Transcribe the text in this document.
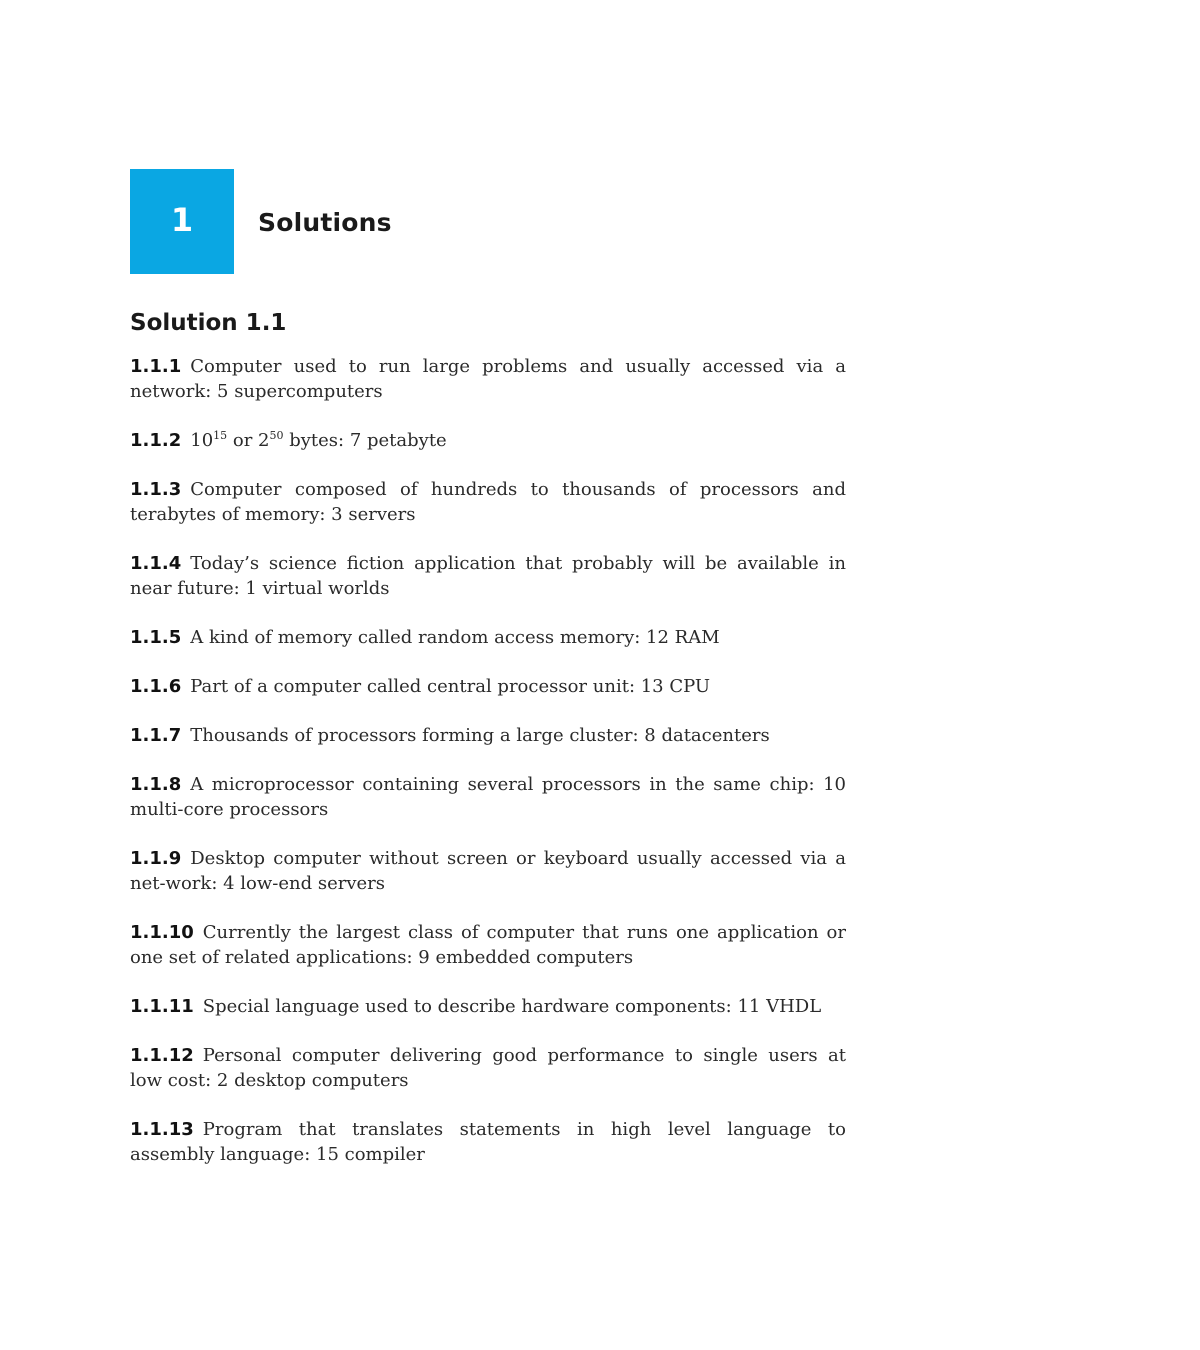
1	Solutions
Solution 1.1
1.1.1 Computer used to run large problems and usually accessed via a network: 5 supercomputers
1.1.2 $10^{15}$ or $2^{50}$ bytes: 7 petabyte
1.1.3 Computer composed of hundreds to thousands of processors and terabytes of memory: 3 servers
1.1.4 Today’s science fiction application that probably will be available in near future: 1 virtual worlds
1.1.5 A kind of memory called random access memory: 12 RAM
1.1.6 Part of a computer called central processor unit: 13 CPU
1.1.7 Thousands of processors forming a large cluster: 8 datacenters
1.1.8 A microprocessor containing several processors in the same chip: 10 multi-core processors
1.1.9 Desktop computer without screen or keyboard usually accessed via a net-work: 4 low-end servers
1.1.10 Currently the largest class of computer that runs one application or one set of related applications: 9 embedded computers
1.1.11 Special language used to describe hardware components: 11 VHDL
1.1.12 Personal computer delivering good performance to single users at low cost: 2 desktop computers
1.1.13 Program that translates statements in high level language to assembly language: 15 compiler
